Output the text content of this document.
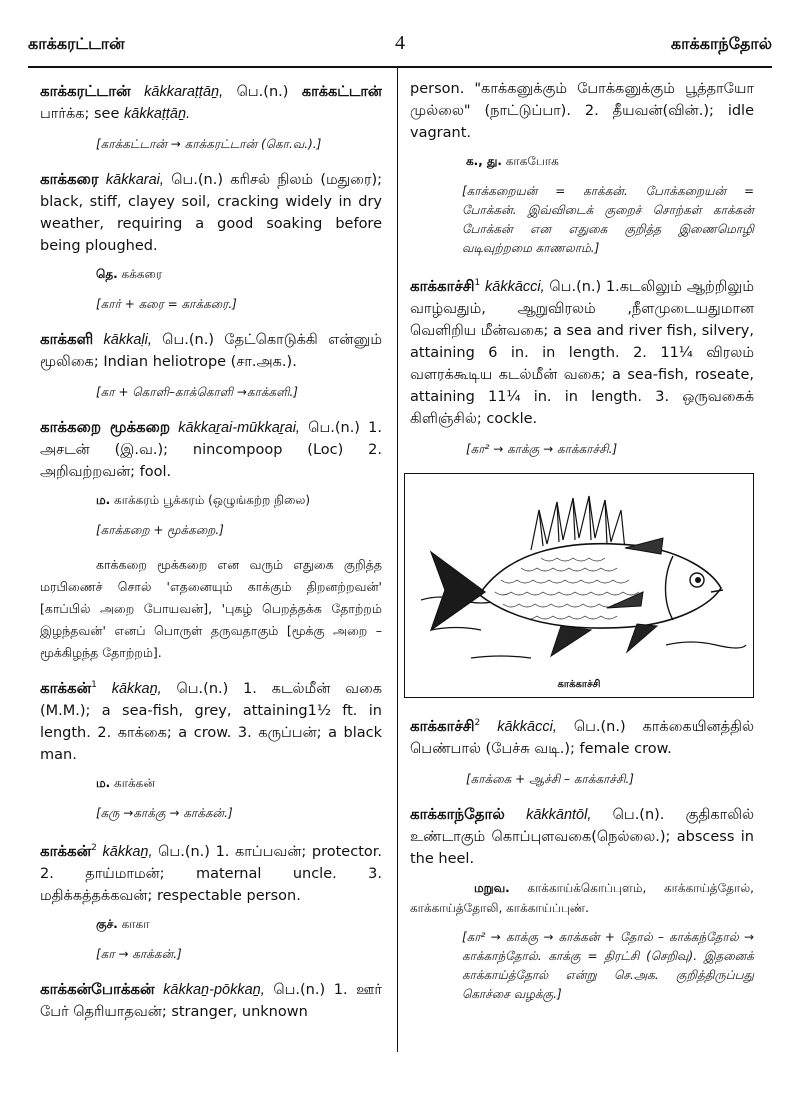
காக்கரட்டான்	4	காக்காந்தோல்

காக்கரட்டான் kākkaraṭṭāṉ, பெ.(n.) காக்கட்டான் பார்க்க; see kākkaṭṭāṉ.

[காக்கட்டான் → காக்கரட்டான் (கொ.வ.).]

காக்கரை kākkarai, பெ.(n.) கரிசல் நிலம் (மதுரை); black, stiff, clayey soil, cracking widely in dry weather, requiring a good soaking before being ploughed.

தெ. கக்கரை

[கார் + கரை = காக்கரை.]

காக்களி kākkaḷi, பெ.(n.) தேட்கொடுக்கி என்னும் மூலிகை; Indian heliotrope (சா.அக.).

[கா + கொளி–காக்கொளி →காக்களி.]

காக்கறை மூக்கறை kākkaṟai-mūkkaṟai, பெ.(n.) 1. அசடன் (இ.வ.); nincompoop (Loc) 2. அறிவற்றவன்; fool.

ம. காக்கரம் பூக்கரம் (ஒழுங்கற்ற நிலை)

[காக்கறை + மூக்கறை.]

காக்கறை மூக்கறை என வரும் எதுகை குறித்த மரபிணைச் சொல் 'எதனையும் காக்கும் திறனற்றவன்' [காப்பில் அறை போயவன்], 'புகழ் பெறத்தக்க தோற்றம் இழந்தவன்' எனப் பொருள் தருவதாகும் [மூக்கு அறை – மூக்கிழந்த தோற்றம்].

காக்கன்$^1$ kākkaṉ, பெ.(n.) 1. கடல்மீன் வகை (M.M.); a sea-fish, grey, attaining1½ ft. in length. 2. காக்கை; a crow. 3. கருப்பன்; a black man.

ம. காக்கன்

[கரு →காக்கு → காக்கன்.]

காக்கன்$^2$ kākkaṉ, பெ.(n.) 1. காப்பவன்; protector. 2. தாய்மாமன்; maternal uncle. 3. மதிக்கத்தக்கவன்; respectable person.

குச். காகா

[கா → காக்கன்.]

காக்கன்போக்கன் kākkaṉ-pōkkaṉ, பெ.(n.) 1. ஊர் பேர் தெரியாதவன்; stranger, unknown

person. "காக்கனுக்கும் போக்கனுக்கும் பூத்தாயோ முல்லை" (நாட்டுப்பா). 2. தீயவன்(வின்.); idle vagrant.

க., து. காகபோக

[காக்கறையன் = காக்கன். போக்கறையன் = போக்கன். இவ்விடைக் குறைச் சொற்கள் காக்கன் போக்கன் என எதுகை குறித்த இணைமொழி வடிவுற்றமை காணலாம்.]

காக்காச்சி$^1$ kākkācci, பெ.(n.) 1.கடலிலும் ஆற்றிலும் வாழ்வதும், ஆறுவிரலம் ,நீளமுடையதுமான வெளிறிய மீன்வகை; a sea and river fish, silvery, attaining 6 in. in length. 2. 11¼ விரலம் வளரக்கூடிய கடல்மீன் வகை; a sea-fish, roseate, attaining 11¼ in. in length. 3. ஒருவகைக் கிளிஞ்சில்; cockle.

[கா² → காக்கு → காக்காச்சி.]

காக்காச்சி

காக்காச்சி$^2$ kākkācci, பெ.(n.) காக்கையினத்தில் பெண்பால் (பேச்சு வடி.); female crow.

[காக்கை + ஆச்சி – காக்காச்சி.]

காக்காந்தோல் kākkāntōl, பெ.(n). குதிகாலில் உண்டாகும் கொப்புளவகை(நெல்லை.); abscess in the heel.

மறுவ. காக்காய்க்கொப்புளம், காக்காய்த்தோல், காக்காய்த்தோலி, காக்காய்ப்புண்.

[கா² → காக்கு → காக்கன் + தோல் – காக்கந்தோல் → காக்காந்தோல். காக்கு = திரட்சி (செறிவு). இதனைக் காக்காய்த்தோல் என்று செ.அக. குறித்திருப்பது கொச்சை வழக்கு.]
